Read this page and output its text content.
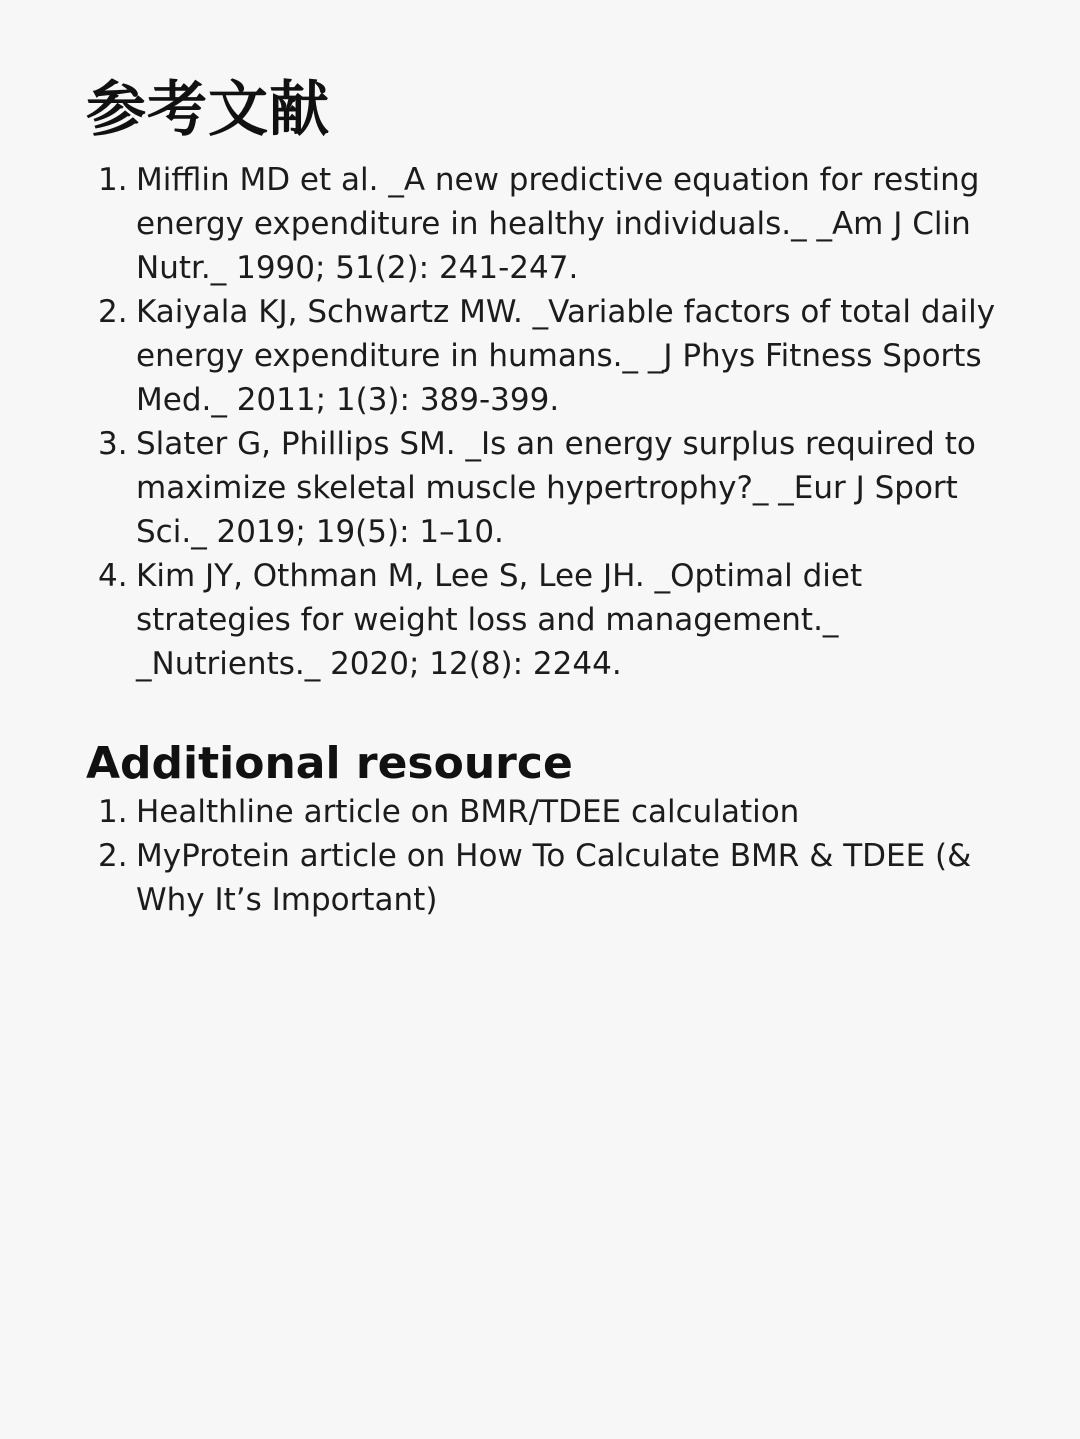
参考文献
1. Mifflin MD et al. _A new predictive equation for resting energy expenditure in healthy individuals._ _Am J Clin Nutr._ 1990; 51(2): 241-247.
2. Kaiyala KJ, Schwartz MW. _Variable factors of total daily energy expenditure in humans._ _J Phys Fitness Sports Med._ 2011; 1(3): 389-399.
3. Slater G, Phillips SM. _Is an energy surplus required to maximize skeletal muscle hypertrophy?_ _Eur J Sport Sci._ 2019; 19(5): 1–10.
4. Kim JY, Othman M, Lee S, Lee JH. _Optimal diet strategies for weight loss and management._ _Nutrients._ 2020; 12(8): 2244.
Additional resource
1. Healthline article on BMR/TDEE calculation
2. MyProtein article on How To Calculate BMR & TDEE (& Why It’s Important)
